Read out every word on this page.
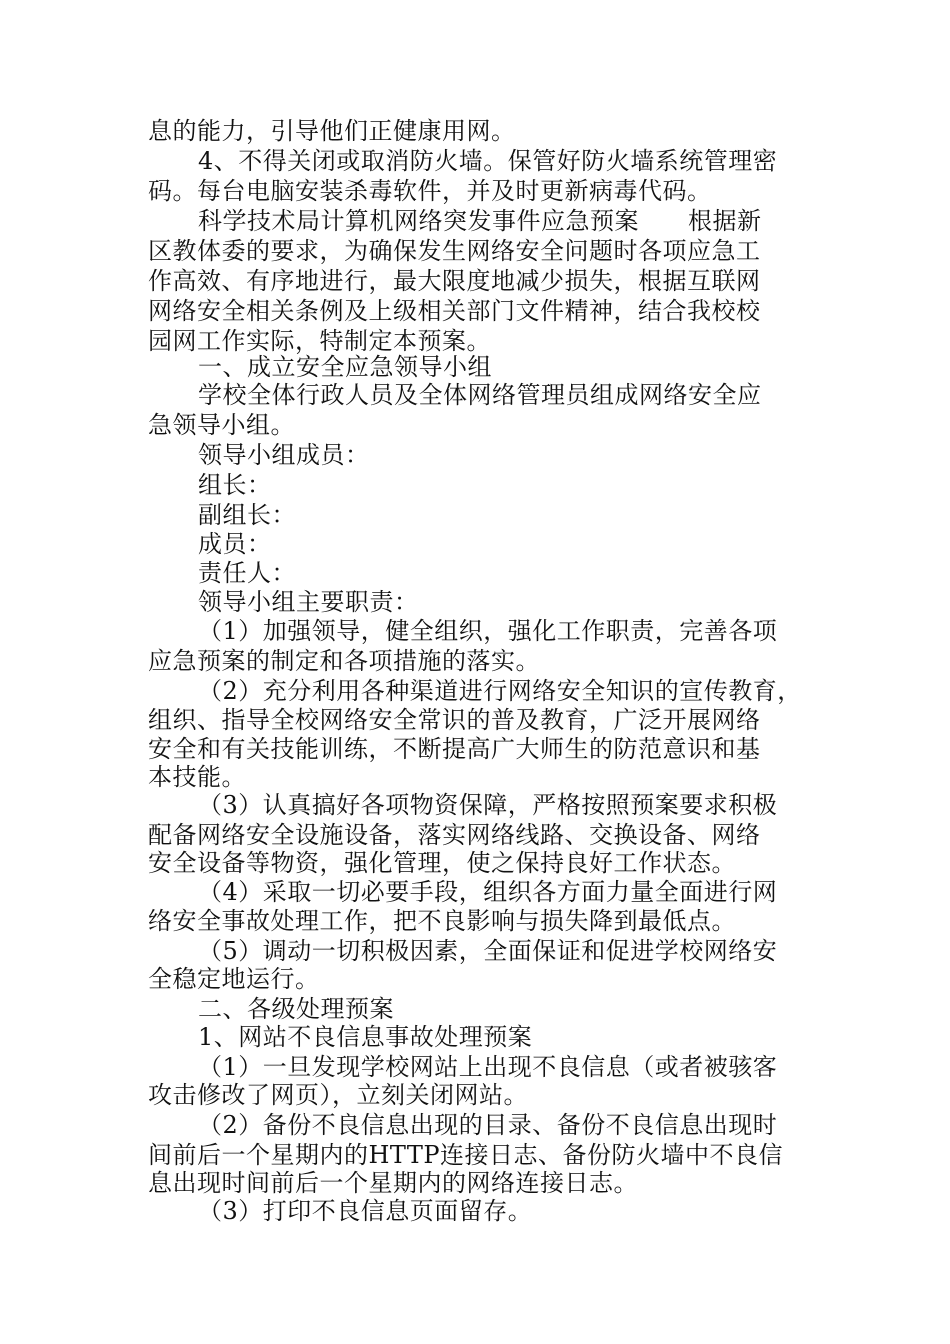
息的能力，引导他们正健康用网。
4、不得关闭或取消防火墙。保管好防火墙系统管理密
码。每台电脑安装杀毒软件，并及时更新病毒代码。
科学技术局计算机网络突发事件应急预案　　根据新
区教体委的要求，为确保发生网络安全问题时各项应急工
作高效、有序地进行，最大限度地减少损失，根据互联网
网络安全相关条例及上级相关部门文件精神，结合我校校
园网工作实际，特制定本预案。
一、成立安全应急领导小组
学校全体行政人员及全体网络管理员组成网络安全应
急领导小组。
领导小组成员：
组长：
副组长：
成员：
责任人：
领导小组主要职责：
（1）加强领导，健全组织，强化工作职责，完善各项
应急预案的制定和各项措施的落实。
（2）充分利用各种渠道进行网络安全知识的宣传教育，
组织、指导全校网络安全常识的普及教育，广泛开展网络
安全和有关技能训练，不断提高广大师生的防范意识和基
本技能。
（3）认真搞好各项物资保障，严格按照预案要求积极
配备网络安全设施设备，落实网络线路、交换设备、网络
安全设备等物资，强化管理，使之保持良好工作状态。
（4）采取一切必要手段，组织各方面力量全面进行网
络安全事故处理工作，把不良影响与损失降到最低点。
（5）调动一切积极因素，全面保证和促进学校网络安
全稳定地运行。
二、各级处理预案
1、网站不良信息事故处理预案
（1）一旦发现学校网站上出现不良信息（或者被骇客
攻击修改了网页），立刻关闭网站。
（2）备份不良信息出现的目录、备份不良信息出现时
间前后一个星期内的HTTP连接日志、备份防火墙中不良信
息出现时间前后一个星期内的网络连接日志。
（3）打印不良信息页面留存。
